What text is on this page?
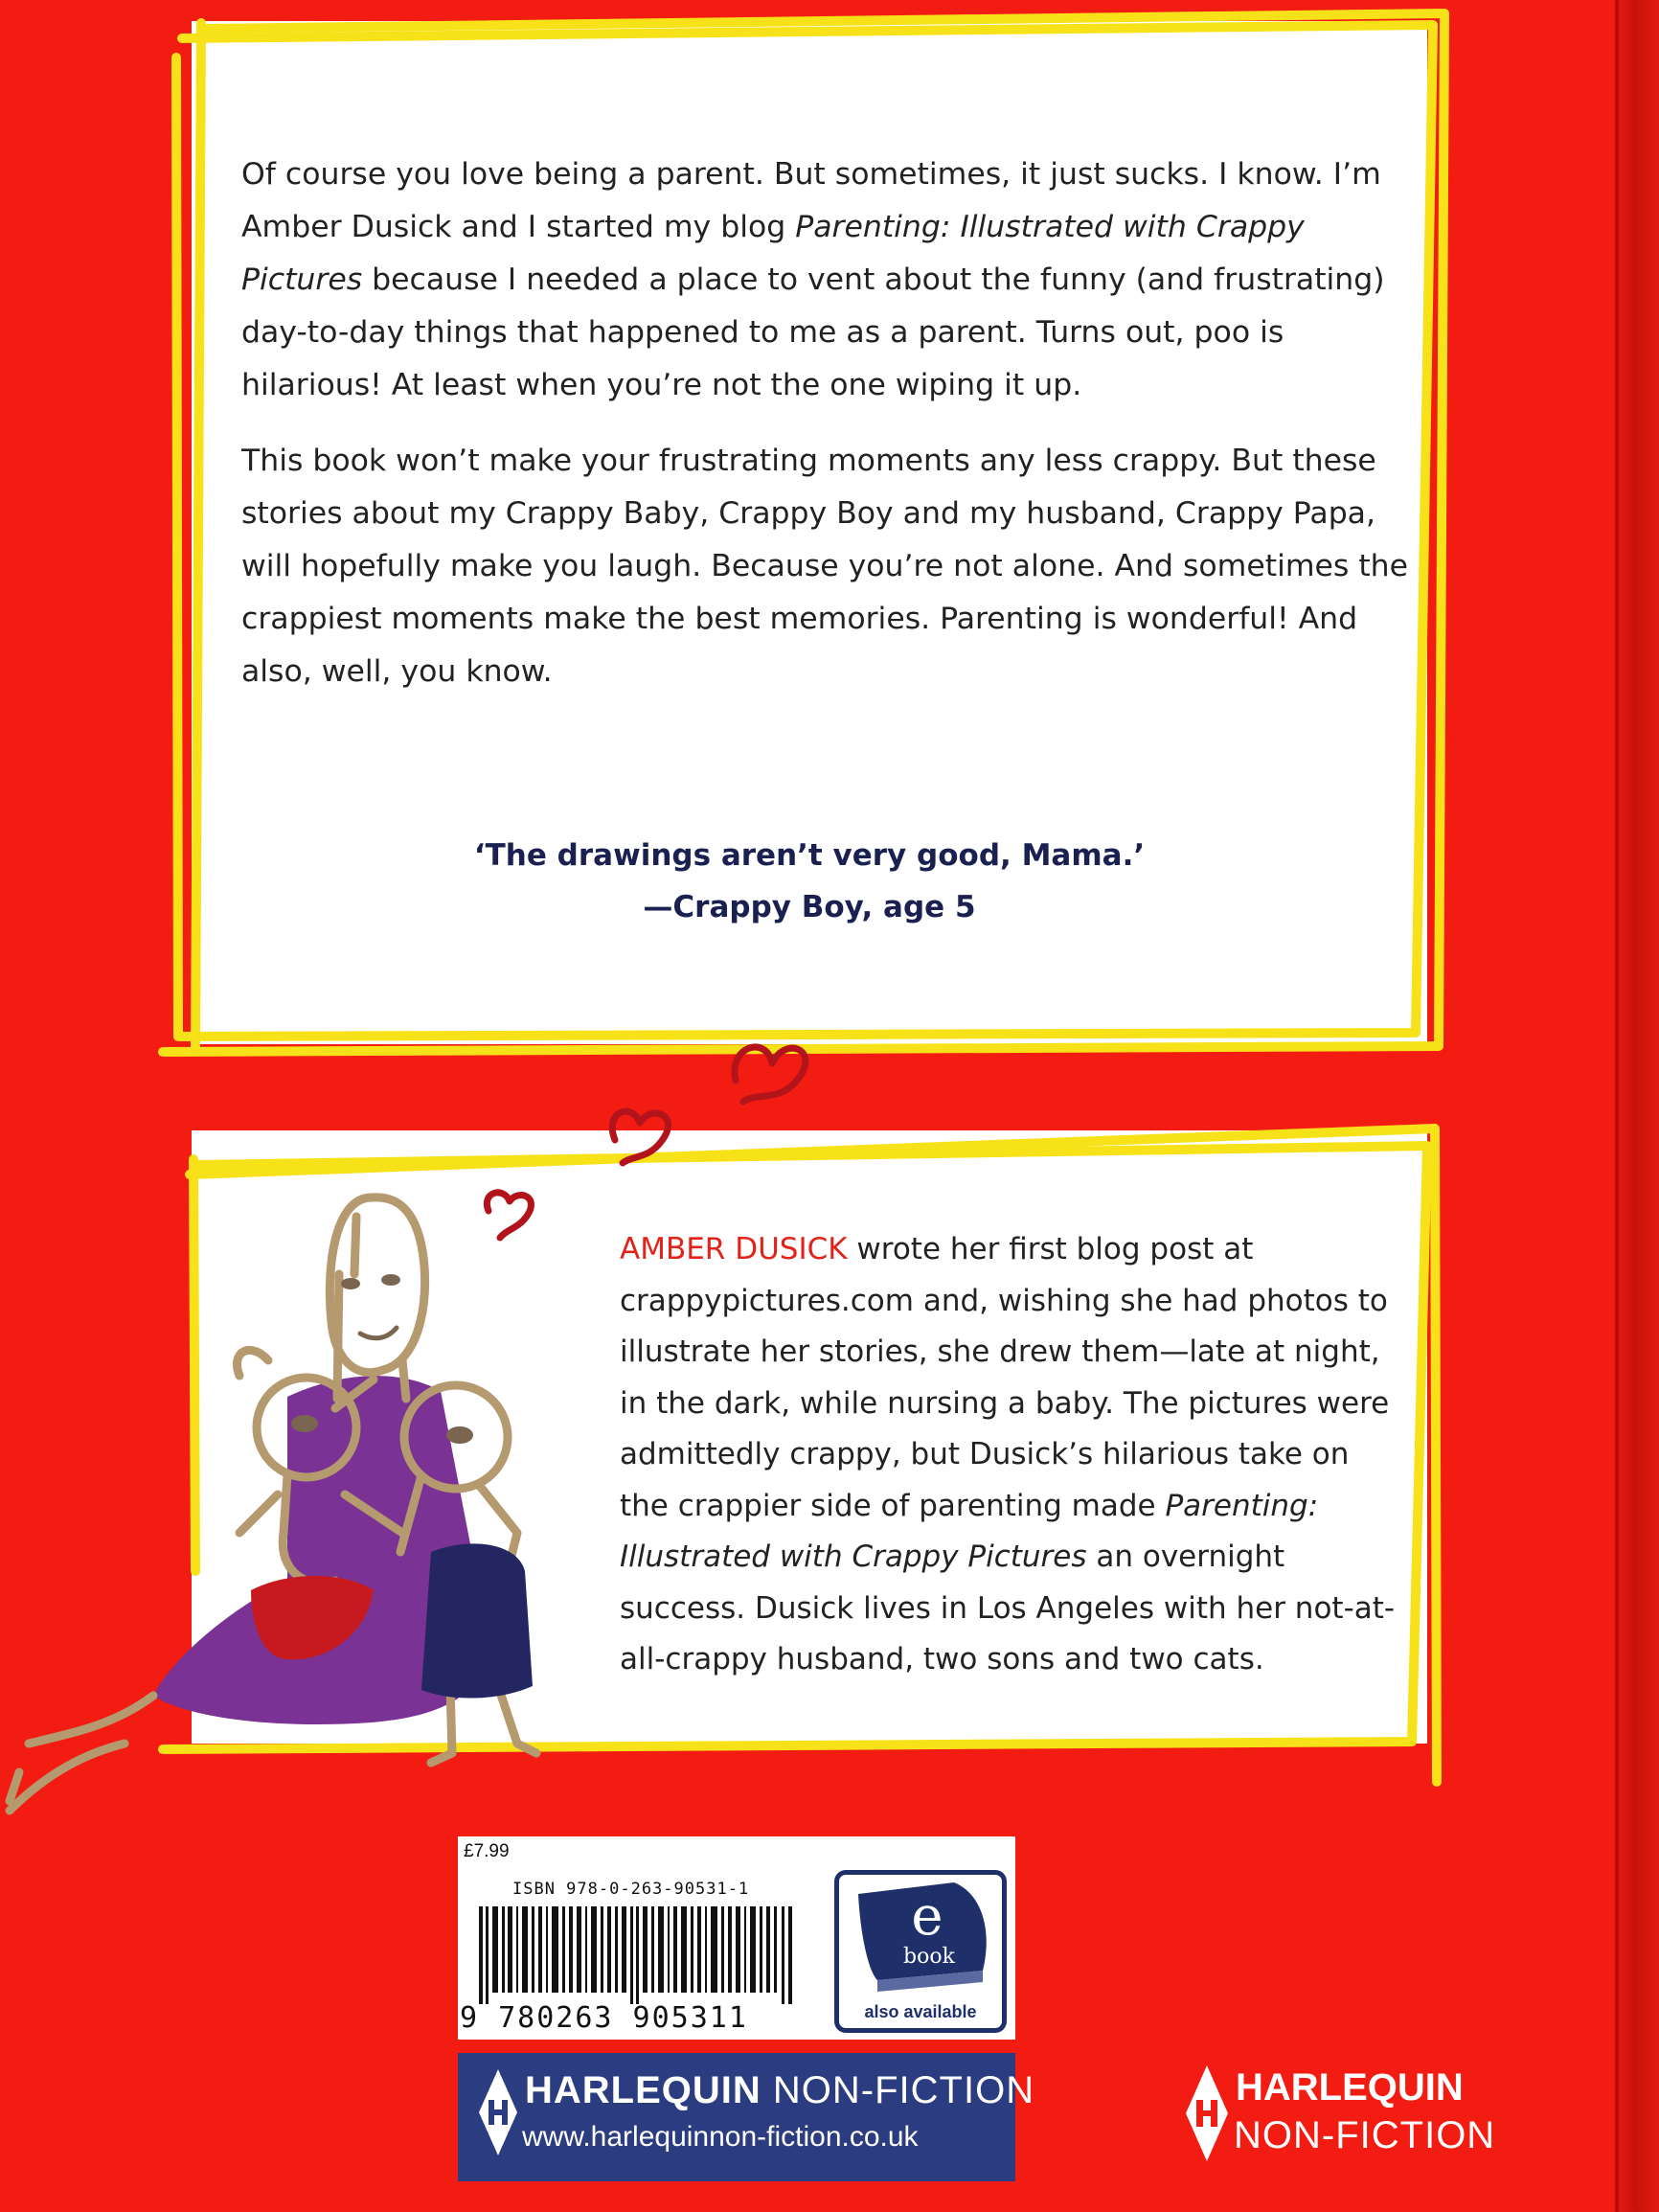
Of course you love being a parent. But sometimes, it just sucks. I know. I’m Amber Dusick and I started my blog Parenting: Illustrated with Crappy Pictures because I needed a place to vent about the funny (and frustrating) day-to-day things that happened to me as a parent. Turns out, poo is hilarious! At least when you’re not the one wiping it up.

This book won’t make your frustrating moments any less crappy. But these stories about my Crappy Baby, Crappy Boy and my husband, Crappy Papa, will hopefully make you laugh. Because you’re not alone. And sometimes the crappiest moments make the best memories. Parenting is wonderful! And also, well, you know.

‘The drawings aren’t very good, Mama.’
—Crappy Boy, age 5
AMBER DUSICK wrote her first blog post at crappypictures.com and, wishing she had photos to illustrate her stories, she drew them—late at night, in the dark, while nursing a baby. The pictures were admittedly crappy, but Dusick’s hilarious take on the crappier side of parenting made Parenting: Illustrated with Crappy Pictures an overnight success. Dusick lives in Los Angeles with her not-at-all-crappy husband, two sons and two cats.
£7.99
ISBN 978-0-263-90531-1
9 780263 905311
e
book
also available
HARLEQUIN NON-FICTION
www.harlequinnon-fiction.co.uk
HARLEQUIN
NON-FICTION
